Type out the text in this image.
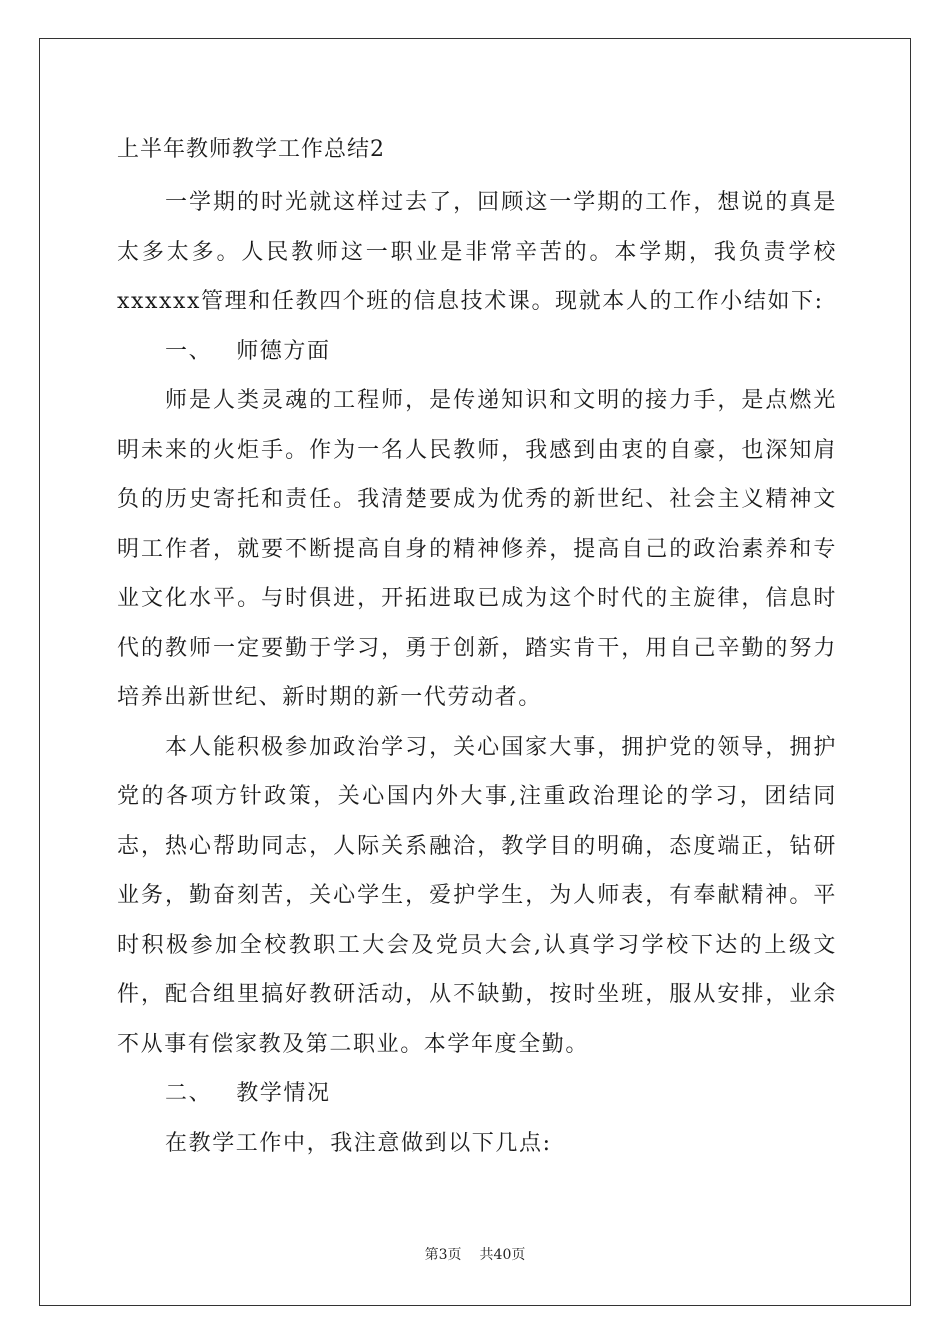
上半年教师教学工作总结2

一学期的时光就这样过去了，回顾这一学期的工作，想说的真是太多太多。人民教师这一职业是非常辛苦的。本学期，我负责学校xxxxxx管理和任教四个班的信息技术课。现就本人的工作小结如下:

一、 师德方面

师是人类灵魂的工程师，是传递知识和文明的接力手，是点燃光明未来的火炬手。作为一名人民教师，我感到由衷的自豪，也深知肩负的历史寄托和责任。我清楚要成为优秀的新世纪、社会主义精神文明工作者，就要不断提高自身的精神修养，提高自己的政治素养和专业文化水平。与时俱进，开拓进取已成为这个时代的主旋律，信息时代的教师一定要勤于学习，勇于创新，踏实肯干，用自己辛勤的努力培养出新世纪、新时期的新一代劳动者。

本人能积极参加政治学习，关心国家大事，拥护党的领导，拥护党的各项方针政策，关心国内外大事,注重政治理论的学习，团结同志，热心帮助同志，人际关系融洽，教学目的明确，态度端正，钻研业务，勤奋刻苦，关心学生，爱护学生，为人师表，有奉献精神。平时积极参加全校教职工大会及党员大会,认真学习学校下达的上级文件，配合组里搞好教研活动，从不缺勤，按时坐班，服从安排，业余不从事有偿家教及第二职业。本学年度全勤。

二、 教学情况

在教学工作中，我注意做到以下几点:

第3页 共40页
